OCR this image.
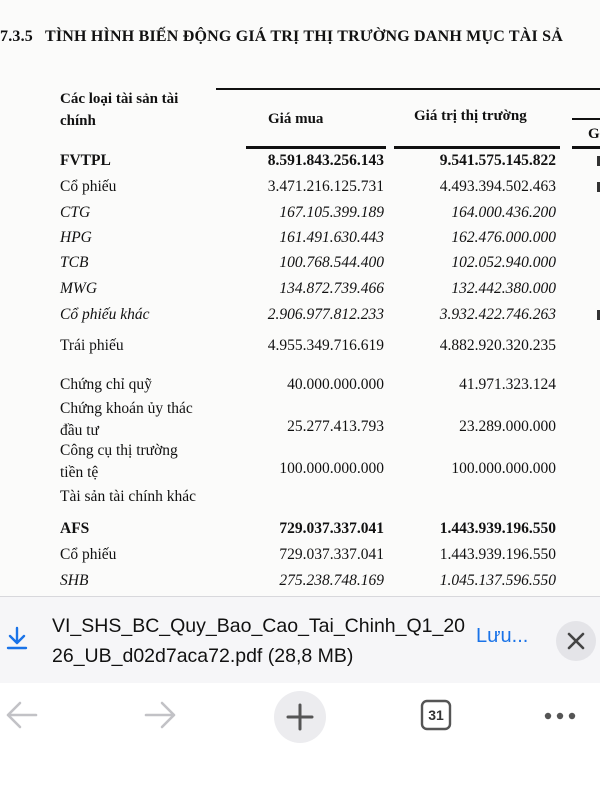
7.3.5 TÌNH HÌNH BIẾN ĐỘNG GIÁ TRỊ THỊ TRƯỜNG DANH MỤC TÀI SẢ
Các loại tài sản tài
chính	Giá mua	Giá trị thị trường
G
FVTPL	8.591.843.256.143	9.541.575.145.822
Cổ phiếu	3.471.216.125.731	4.493.394.502.463
CTG	167.105.399.189	164.000.436.200
HPG	161.491.630.443	162.476.000.000
TCB	100.768.544.400	102.052.940.000
MWG	134.872.739.466	132.442.380.000
Cổ phiếu khác	2.906.977.812.233	3.932.422.746.263
Trái phiếu	4.955.349.716.619	4.882.920.320.235
Chứng chỉ quỹ	40.000.000.000	41.971.323.124
Chứng khoán ủy thác
đầu tư	25.277.413.793	23.289.000.000
Công cụ thị trường
tiền tệ	100.000.000.000	100.000.000.000
Tài sản tài chính khác
AFS	729.037.337.041	1.443.939.196.550
Cổ phiếu	729.037.337.041	1.443.939.196.550
SHB	275.238.748.169	1.045.137.596.550
VI_SHS_BC_Quy_Bao_Cao_Tai_Chinh_Q1_2026_UB_d02d7aca72.pdf (28,8 MB)
Lưu...
31
